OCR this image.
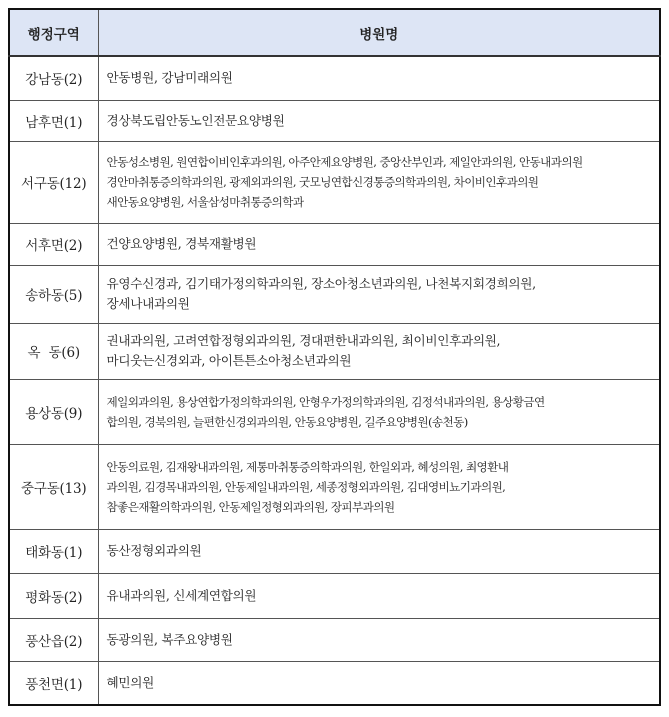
행정구역	병원명
강남동(2)	안동병원, 강남미래의원

남후면(1)	경상북도립안동노인전문요양병원

서구동(12)	안동성소병원, 원연합이비인후과의원, 아주안제요양병원, 중앙산부인과, 제일안과의원, 안동내과의원
경안마취통증의학과의원, 광제외과의원, 굿모닝연합신경통증의학과의원, 차이비인후과의원
새안동요양병원, 서울삼성마취통증의학과

서후면(2)	건양요양병원, 경북재활병원

송하동(5)	유영수신경과, 김기태가정의학과의원, 장소아청소년과의원, 나천복지회경희의원,
장세나내과의원

옥  동(6)	권내과의원, 고려연합정형외과의원, 경대편한내과의원, 최이비인후과의원,
마디웃는신경외과, 아이튼튼소아청소년과의원

용상동(9)	제일외과의원, 용상연합가정의학과의원, 안형우가정의학과의원, 김정석내과의원, 용상황금연
합의원, 경북의원, 늘편한신경외과의원, 안동요양병원, 길주요양병원(송천동)

중구동(13)	안동의료원, 김재왕내과의원, 제통마취통증의학과의원, 한일외과, 혜성의원, 최영환내
과의원, 김경목내과의원, 안동제일내과의원, 세종정형외과의원, 김대영비뇨기과의원,
참좋은재활의학과의원, 안동제일정형외과의원, 장피부과의원

태화동(1)	동산정형외과의원

평화동(2)	유내과의원, 신세계연합의원

풍산읍(2)	동광의원, 복주요양병원

풍천면(1)	혜민의원
